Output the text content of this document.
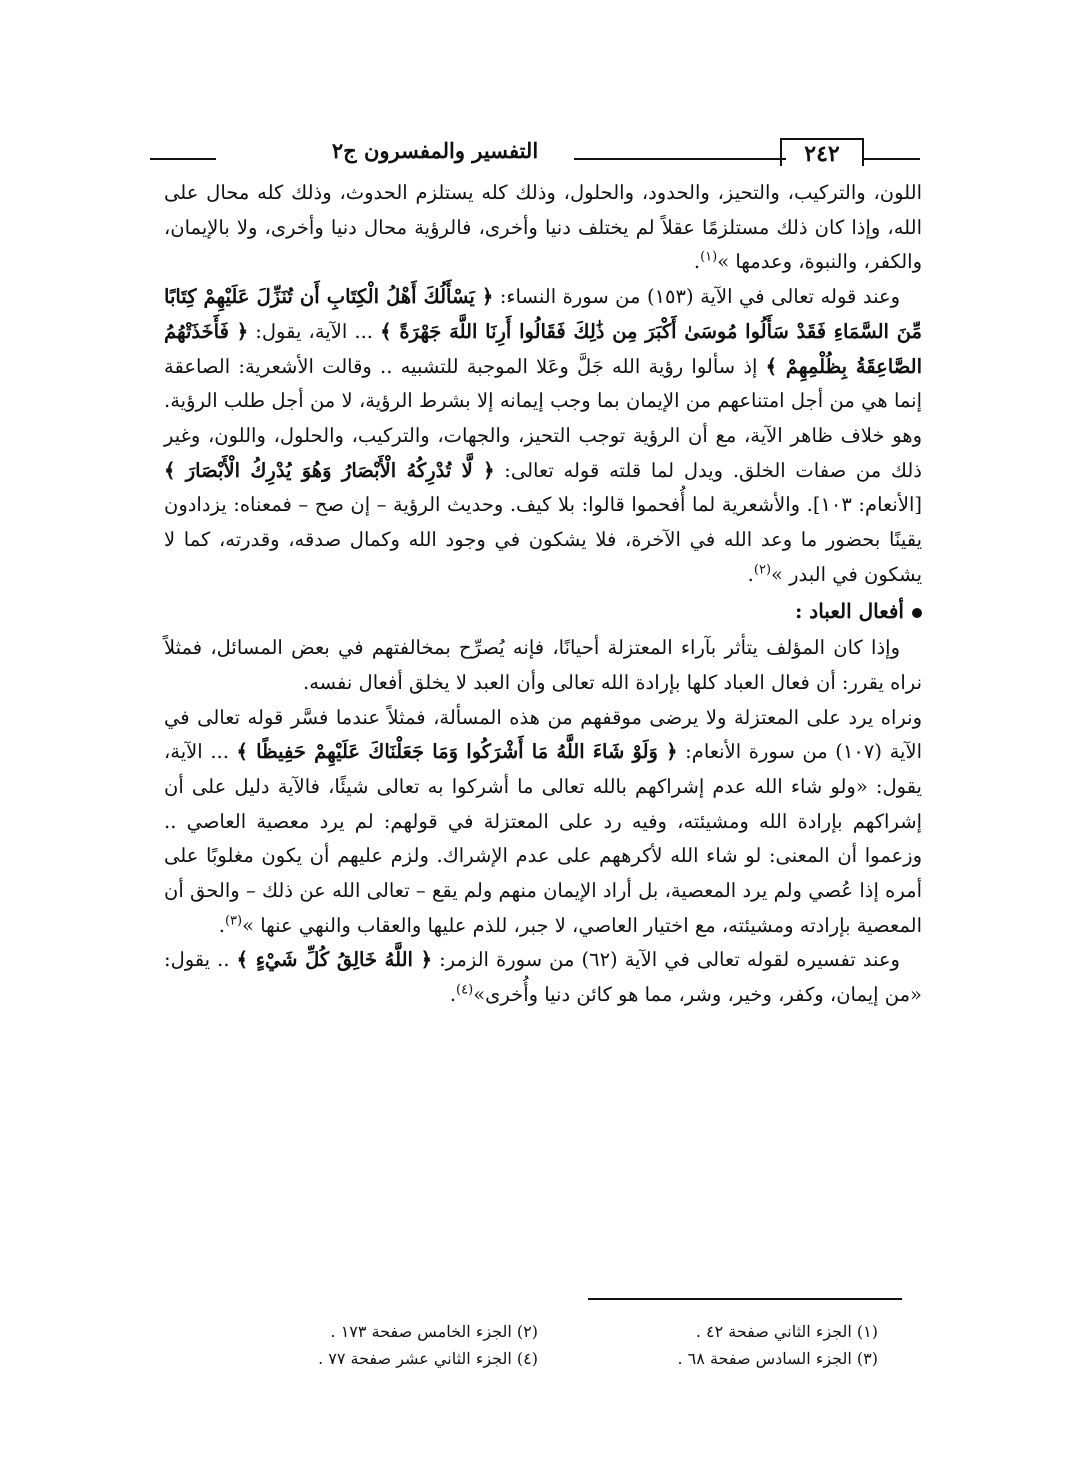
٢٤٢
التفسير والمفسرون ج٢

اللون، والتركيب، والتحيز، والحدود، والحلول، وذلك كله يستلزم الحدوث، وذلك كله محال على الله، وإذا كان ذلك مستلزمًا عقلاً لم يختلف دنيا وأخرى، فالرؤية محال دنيا وأخرى، ولا بالإيمان، والكفر، والنبوة، وعدمها »$^{(١)}$.

وعند قوله تعالى في الآية (١٥٣) من سورة النساء: ﴿ يَسْأَلُكَ أَهْلُ الْكِتَابِ أَن تُنَزِّلَ عَلَيْهِمْ كِتَابًا مِّنَ السَّمَاءِ فَقَدْ سَأَلُوا مُوسَىٰ أَكْبَرَ مِن ذَٰلِكَ فَقَالُوا أَرِنَا اللَّهَ جَهْرَةً ﴾ ... الآية، يقول: ﴿ فَأَخَذَتْهُمُ الصَّاعِقَةُ بِظُلْمِهِمْ ﴾ إذ سألوا رؤية الله جَلَّ وعَلا الموجبة للتشبيه .. وقالت الأشعرية: الصاعقة إنما هي من أجل امتناعهم من الإيمان بما وجب إيمانه إلا بشرط الرؤية، لا من أجل طلب الرؤية. وهو خلاف ظاهر الآية، مع أن الرؤية توجب التحيز، والجهات، والتركيب، والحلول، واللون، وغير ذلك من صفات الخلق. ويدل لما قلته قوله تعالى: ﴿ لَّا تُدْرِكُهُ الْأَبْصَارُ وَهُوَ يُدْرِكُ الْأَبْصَارَ ﴾ [الأنعام: ١٠٣]. والأشعرية لما أُفحموا قالوا: بلا كيف. وحديث الرؤية – إن صح – فمعناه: يزدادون يقينًا بحضور ما وعد الله في الآخرة، فلا يشكون في وجود الله وكمال صدقه، وقدرته، كما لا يشكون في البدر »$^{(٢)}$.

أفعال العباد :

وإذا كان المؤلف يتأثر بآراء المعتزلة أحيانًا، فإنه يُصرِّح بمخالفتهم في بعض المسائل، فمثلاً نراه يقرر: أن فعال العباد كلها بإرادة الله تعالى وأن العبد لا يخلق أفعال نفسه.

ونراه يرد على المعتزلة ولا يرضى موقفهم من هذه المسألة، فمثلاً عندما فسَّر قوله تعالى في الآية (١٠٧) من سورة الأنعام: ﴿ وَلَوْ شَاءَ اللَّهُ مَا أَشْرَكُوا وَمَا جَعَلْنَاكَ عَلَيْهِمْ حَفِيظًا ﴾ ... الآية، يقول: «ولو شاء الله عدم إشراكهم بالله تعالى ما أشركوا به تعالى شيئًا، فالآية دليل على أن إشراكهم بإرادة الله ومشيئته، وفيه رد على المعتزلة في قولهم: لم يرد معصية العاصي .. وزعموا أن المعنى: لو شاء الله لأكرههم على عدم الإشراك. ولزم عليهم أن يكون مغلوبًا على أمره إذا عُصي ولم يرد المعصية، بل أراد الإيمان منهم ولم يقع – تعالى الله عن ذلك – والحق أن المعصية بإرادته ومشيئته، مع اختيار العاصي، لا جبر، للذم عليها والعقاب والنهي عنها »$^{(٣)}$.

وعند تفسيره لقوله تعالى في الآية (٦٢) من سورة الزمر: ﴿ اللَّهُ خَالِقُ كُلِّ شَيْءٍ ﴾ .. يقول: «من إيمان، وكفر، وخير، وشر، مما هو كائن دنيا وأُخرى»$^{(٤)}$.

(١) الجزء الثاني صفحة ٤٢ .
(٢) الجزء الخامس صفحة ١٧٣ .
(٣) الجزء السادس صفحة ٦٨ .
(٤) الجزء الثاني عشر صفحة ٧٧ .
